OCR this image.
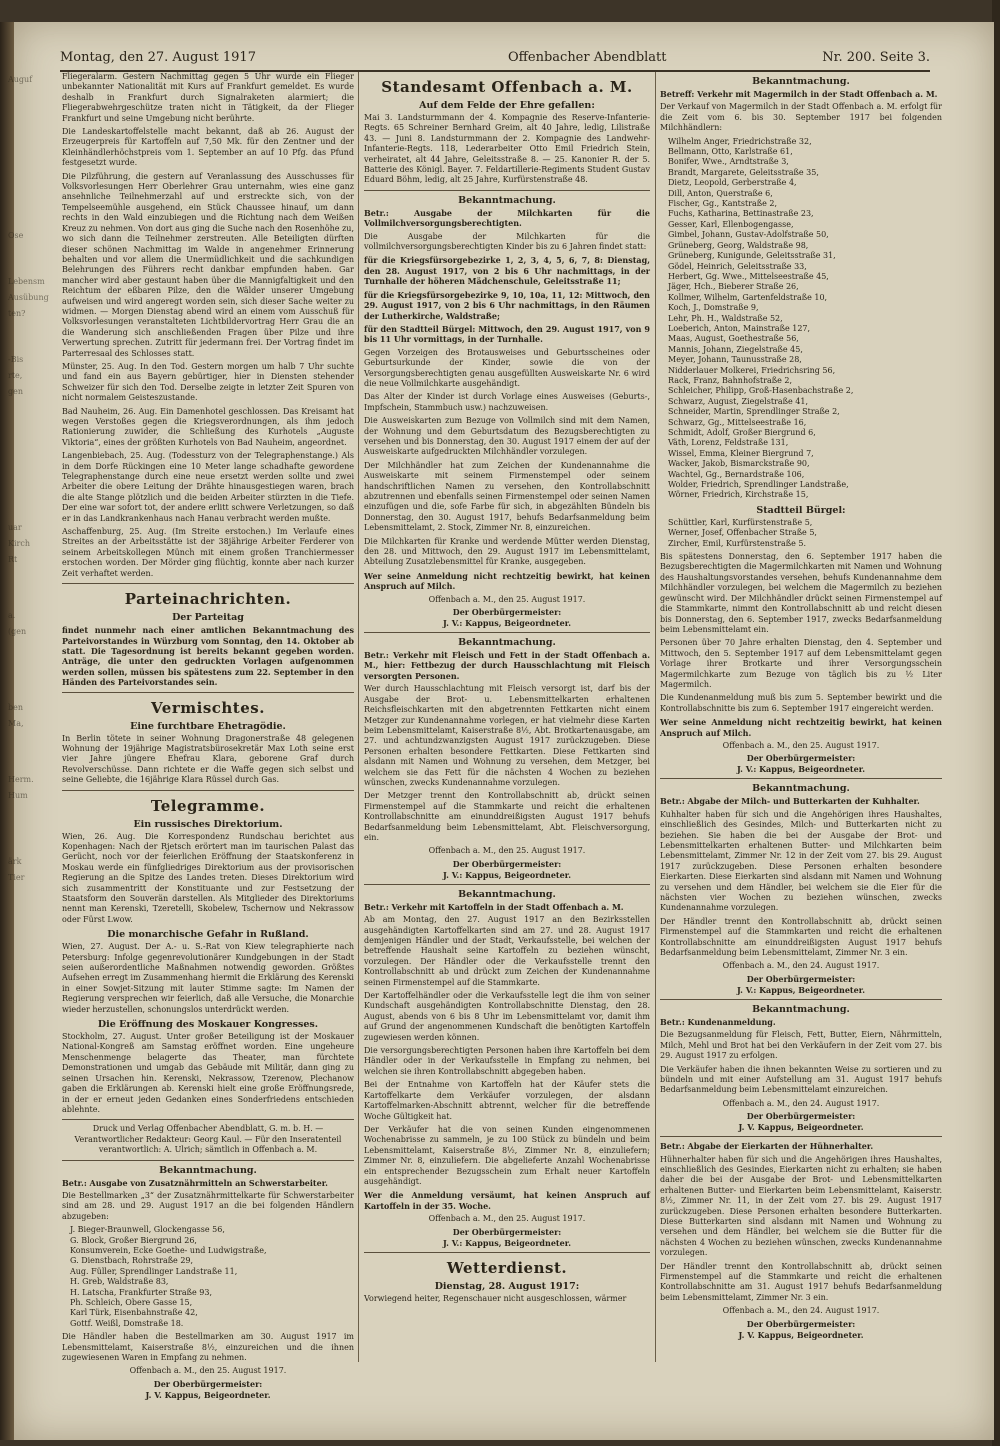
Montag, den 27. August 1917	Offenbacher Abendblatt	Nr. 200. Seite 3.
Auguf
Ose
Lebensm
Ausübung
ten?
-Bis
rte,
gen
uar
Kirch
Rt
a.
(gen
ben
Ma,
Herm.
Hum
ärk
Tier

Fliegeralarm. Gestern Nachmittag gegen 5 Uhr wurde ein Flieger unbekannter Nationalität mit Kurs auf Frankfurt gemeldet. Es wurde deshalb in Frankfurt durch Signalraketen alarmiert; die Fliegerabwehrgeschütze traten nicht in Tätigkeit, da der Flieger Frankfurt und seine Umgebung nicht berührte.

Die Landeskartoffelstelle macht bekannt, daß ab 26. August der Erzeugerpreis für Kartoffeln auf 7,50 Mk. für den Zentner und der Kleinhändlerhöchstpreis vom 1. September an auf 10 Pfg. das Pfund festgesetzt wurde.

Die Pilzführung, die gestern auf Veranlassung des Ausschusses für Volksvorlesungen Herr Oberlehrer Grau unternahm, wies eine ganz ansehnliche Teilnehmerzahl auf und erstreckte sich, von der Tempelseemühle ausgehend, ein Stück Chaussee hinauf, um dann rechts in den Wald einzubiegen und die Richtung nach dem Weißen Kreuz zu nehmen. Von dort aus ging die Suche nach den Rosenhöhe zu, wo sich dann die Teilnehmer zerstreuten. Alle Beteiligten dürften dieser schönen Nachmittag im Walde in angenehmer Erinnerung behalten und vor allem die Unermüdlichkeit und die sachkundigen Belehrungen des Führers recht dankbar empfunden haben. Gar mancher wird aber gestaunt haben über die Mannigfaltigkeit und den Reichtum der eßbaren Pilze, den die Wälder unserer Umgebung aufweisen und wird angeregt worden sein, sich dieser Sache weiter zu widmen. — Morgen Dienstag abend wird an einem vom Ausschuß für Volksvorlesungen veranstalteten Lichtbildervortrag Herr Grau die an die Wanderung sich anschließenden Fragen über Pilze und ihre Verwertung sprechen. Zutritt für jedermann frei. Der Vortrag findet im Parterresaal des Schlosses statt.

Münster, 25. Aug. In den Tod. Gestern morgen um halb 7 Uhr suchte und fand ein aus Bayern gebürtiger, hier in Diensten stehender Schweizer für sich den Tod. Derselbe zeigte in letzter Zeit Spuren von nicht normalem Geisteszustande.

Bad Nauheim, 26. Aug. Ein Damenhotel geschlossen. Das Kreisamt hat wegen Verstoßes gegen die Kriegsverordnungen, als ihm jedoch Rationierung zuwider, die Schließung des Kurhotels „Auguste Viktoria“, eines der größten Kurhotels von Bad Nauheim, angeordnet.

Langenbiebach, 25. Aug. (Todessturz von der Telegraphenstange.) Als in dem Dorfe Rückingen eine 10 Meter lange schadhafte gewordene Telegraphenstange durch eine neue ersetzt werden sollte und zwei Arbeiter die obere Leitung der Drähte hinausgestiegen waren, brach die alte Stange plötzlich und die beiden Arbeiter stürzten in die Tiefe. Der eine war sofort tot, der andere erlitt schwere Verletzungen, so daß er in das Landkrankenhaus nach Hanau verbracht werden mußte.

Aschaffenburg, 25. Aug. (Im Streite erstochen.) Im Verlaufe eines Streites an der Arbeitsstätte ist der 38jährige Arbeiter Ferderer von seinem Arbeitskollegen Münch mit einem großen Tranchiermesser erstochen worden. Der Mörder ging flüchtig, konnte aber nach kurzer Zeit verhaftet werden.

Parteinachrichten.
Der Parteitag

findet nunmehr nach einer amtlichen Bekanntmachung des Parteivorstandes in Würzburg vom Sonntag, den 14. Oktober ab statt. Die Tagesordnung ist bereits bekannt gegeben worden. Anträge, die unter den gedruckten Vorlagen aufgenommen werden sollen, müssen bis spätestens zum 22. September in den Händen des Parteivorstandes sein.

Vermischtes.
Eine furchtbare Ehetragödie.

In Berlin tötete in seiner Wohnung Dragonerstraße 48 gelegenen Wohnung der 19jährige Magistratsbürosekretär Max Loth seine erst vier Jahre jüngere Ehefrau Klara, geborene Graf durch Revolverschüsse. Dann richtete er die Waffe gegen sich selbst und seine Geliebte, die 16jährige Klara Rüssel durch Gas.

Telegramme.
Ein russisches Direktorium.

Wien, 26. Aug. Die Korrespondenz Rundschau berichtet aus Kopenhagen: Nach der Rjetsch erörtert man im taurischen Palast das Gerücht, noch vor der feierlichen Eröffnung der Staatskonferenz in Moskau werde ein fünfgliedriges Direktorium aus der provisorischen Regierung an die Spitze des Landes treten. Dieses Direktorium wird sich zusammentritt der Konstituante und zur Festsetzung der Staatsform den Souverän darstellen. Als Mitglieder des Direktoriums nennt man Kerenski, Tzeretelli, Skobelew, Tschernow und Nekrassow oder Fürst Lwow.

Die monarchische Gefahr in Rußland.

Wien, 27. August. Der A.- u. S.-Rat von Kiew telegraphierte nach Petersburg: Infolge gegenrevolutionärer Kundgebungen in der Stadt seien außerordentliche Maßnahmen notwendig geworden. Größtes Aufsehen erregt im Zusammenhang hiermit die Erklärung des Kerenski in einer Sowjet-Sitzung mit lauter Stimme sagte: Im Namen der Regierung versprechen wir feierlich, daß alle Versuche, die Monarchie wieder herzustellen, schonungslos unterdrückt werden.

Die Eröffnung des Moskauer Kongresses.

Stockholm, 27. August. Unter großer Beteiligung ist der Moskauer National-Kongreß am Samstag eröffnet worden. Eine ungeheure Menschenmenge belagerte das Theater, man fürchtete Demonstrationen und umgab das Gebäude mit Militär, dann ging zu seinen Ursachen hin. Kerenski, Nekrassow, Tzerenow, Plechanow gaben die Erklärungen ab. Kerenski hielt eine große Eröffnungsrede, in der er erneut jeden Gedanken eines Sonderfriedens entschieden ablehnte.

Druck und Verlag Offenbacher Abendblatt, G. m. b. H. — Verantwortlicher Redakteur: Georg Kaul. — Für den Inseratenteil verantwortlich: A. Ulrich; sämtlich in Offenbach a. M.

Bekanntmachung.

Betr.: Ausgabe von Zusatznährmitteln an Schwerstarbeiter.

Die Bestellmarken „3“ der Zusatznährmittelkarte für Schwerstarbeiter sind am 28. und 29. August 1917 an die bei folgenden Händlern abzugeben:

J. Bieger-Braunwell, Glockengasse 56,
G. Block, Großer Biergrund 26,
Konsumverein, Ecke Goethe- und Ludwigstraße,
G. Dienstbach, Rohrstraße 29,
Aug. Füller, Sprendlinger Landstraße 11,
H. Greb, Waldstraße 83,
H. Latscha, Frankfurter Straße 93,
Ph. Schleich, Obere Gasse 15,
Karl Türk, Eisenbahnstraße 42,
Gottf. Weißl, Domstraße 18.

Die Händler haben die Bestellmarken am 30. August 1917 im Lebensmittelamt, Kaiserstraße 8½, einzureichen und die ihnen zugewiesenen Waren in Empfang zu nehmen.

Offenbach a. M., den 25. August 1917.

Der Oberbürgermeister:
J. V. Kappus, Beigeordneter.
Standesamt Offenbach a. M.
Auf dem Felde der Ehre gefallen:

Mai 3. Landsturmmann der 4. Kompagnie des Reserve-Infanterie-Regts. 65 Schreiner Bernhard Greim, alt 40 Jahre, ledig, Lilistraße 43. — Juni 8. Landsturmmann der 2. Kompagnie des Landwehr-Infanterie-Regts. 118, Lederarbeiter Otto Emil Friedrich Stein, verheiratet, alt 44 Jahre, Geleitsstraße 8. — 25. Kanonier R. der 5. Batterie des Königl. Bayer. 7. Feldartillerie-Regiments Student Gustav Eduard Böhm, ledig, alt 25 Jahre, Kurfürstenstraße 48.

Bekanntmachung.

Betr.: Ausgabe der Milchkarten für die Vollmilchversorgungsberechtigten.

Die Ausgabe der Milchkarten für die vollmilchversorgungsberechtigten Kinder bis zu 6 Jahren findet statt:

für die Kriegsfürsorgebezirke 1, 2, 3, 4, 5, 6, 7, 8: Dienstag, den 28. August 1917, von 2 bis 6 Uhr nachmittags, in der Turnhalle der höheren Mädchenschule, Geleitsstraße 11;

für die Kriegsfürsorgebezirke 9, 10, 10a, 11, 12: Mittwoch, den 29. August 1917, von 2 bis 6 Uhr nachmittags, in den Räumen der Lutherkirche, Waldstraße;

für den Stadtteil Bürgel: Mittwoch, den 29. August 1917, von 9 bis 11 Uhr vormittags, in der Turnhalle.

Gegen Vorzeigen des Brotausweises und Geburtsscheines oder Geburtsurkunde der Kinder, sowie die von der Versorgungsberechtigten genau ausgefüllten Ausweiskarte Nr. 6 wird die neue Vollmilchkarte ausgehändigt.

Das Alter der Kinder ist durch Vorlage eines Ausweises (Geburts-, Impfschein, Stammbuch usw.) nachzuweisen.

Die Ausweiskarten zum Bezuge von Vollmilch sind mit dem Namen, der Wohnung und dem Geburtsdatum des Bezugsberechtigten zu versehen und bis Donnerstag, den 30. August 1917 einem der auf der Ausweiskarte aufgedruckten Milchhändler vorzulegen.

Der Milchhändler hat zum Zeichen der Kundenannahme die Ausweiskarte mit seinem Firmenstempel oder seinem handschriftlichen Namen zu versehen, den Kontrollabschnitt abzutrennen und ebenfalls seinen Firmenstempel oder seinen Namen einzufügen und die, sofe Farbe für sich, in abgezählten Bündeln bis Donnerstag, den 30. August 1917, behufs Bedarfsanmeldung beim Lebensmittelamt, 2. Stock, Zimmer Nr. 8, einzureichen.

Die Milchkarten für Kranke und werdende Mütter werden Dienstag, den 28. und Mittwoch, den 29. August 1917 im Lebensmittelamt, Abteilung Zusatzlebensmittel für Kranke, ausgegeben.

Wer seine Anmeldung nicht rechtzeitig bewirkt, hat keinen Anspruch auf Milch.

Offenbach a. M., den 25. August 1917.

Der Oberbürgermeister:
J. V.: Kappus, Beigeordneter.
Bekanntmachung.

Betr.: Verkehr mit Fleisch und Fett in der Stadt Offenbach a. M., hier: Fettbezug der durch Hausschlachtung mit Fleisch versorgten Personen.

Wer durch Hausschlachtung mit Fleisch versorgt ist, darf bis der Ausgabe der Brot- u. Lebensmittelkarten erhaltenen Reichsfleischkarten mit den abgetrennten Fettkarten nicht einem Metzger zur Kundenannahme vorlegen, er hat vielmehr diese Karten beim Lebensmittelamt, Kaiserstraße 8½, Abt. Brotkartenausgabe, am 27. und achtundzwanzigsten August 1917 zurückzugeben. Diese Personen erhalten besondere Fettkarten. Diese Fettkarten sind alsdann mit Namen und Wohnung zu versehen, dem Metzger, bei welchem sie das Fett für die nächsten 4 Wochen zu beziehen wünschen, zwecks Kundenannahme vorzulegen.

Der Metzger trennt den Kontrollabschnitt ab, drückt seinen Firmenstempel auf die Stammkarte und reicht die erhaltenen Kontrollabschnitte am einunddreißigsten August 1917 behufs Bedarfsanmeldung beim Lebensmittelamt, Abt. Fleischversorgung, ein.

Offenbach a. M., den 25. August 1917.

Der Oberbürgermeister:
J. V.: Kappus, Beigeordneter.
Bekanntmachung.

Betr.: Verkehr mit Kartoffeln in der Stadt Offenbach a. M.

Ab am Montag, den 27. August 1917 an den Bezirksstellen ausgehändigten Kartoffelkarten sind am 27. und 28. August 1917 demjenigen Händler und der Stadt, Verkaufsstelle, bei welchen der betreffende Haushalt seine Kartoffeln zu beziehen wünscht, vorzulegen. Der Händler oder die Verkaufsstelle trennt den Kontrollabschnitt ab und drückt zum Zeichen der Kundenannahme seinen Firmenstempel auf die Stammkarte.

Der Kartoffelhändler oder die Verkaufsstelle legt die ihm von seiner Kundschaft ausgehändigten Kontrollabschnitte Dienstag, den 28. August, abends von 6 bis 8 Uhr im Lebensmittelamt vor, damit ihm auf Grund der angenommenen Kundschaft die benötigten Kartoffeln zugewiesen werden können.

Die versorgungsberechtigten Personen haben ihre Kartoffeln bei dem Händler oder in der Verkaufsstelle in Empfang zu nehmen, bei welchen sie ihren Kontrollabschnitt abgegeben haben.

Bei der Entnahme von Kartoffeln hat der Käufer stets die Kartoffelkarte dem Verkäufer vorzulegen, der alsdann Kartoffelmarken-Abschnitt abtrennt, welcher für die betreffende Woche Gültigkeit hat.

Der Verkäufer hat die von seinen Kunden eingenommenen Wochenabrisse zu sammeln, je zu 100 Stück zu bündeln und beim Lebensmittelamt, Kaiserstraße 8½, Zimmer Nr. 8, einzuliefern; Zimmer Nr. 8, einzuliefern. Die abgelieferte Anzahl Wochenabrisse ein entsprechender Bezugsschein zum Erhalt neuer Kartoffeln ausgehändigt.

Wer die Anmeldung versäumt, hat keinen Anspruch auf Kartoffeln in der 35. Woche.

Offenbach a. M., den 25. August 1917.

Der Oberbürgermeister:
J. V.: Kappus, Beigeordneter.
Wetterdienst.
Dienstag, 28. August 1917:

Vorwiegend heiter, Regenschauer nicht ausgeschlossen, wärmer

Bekanntmachung.

Betreff: Verkehr mit Magermilch in der Stadt Offenbach a. M.

Der Verkauf von Magermilch in der Stadt Offenbach a. M. erfolgt für die Zeit vom 6. bis 30. September 1917 bei folgenden Milchhändlern:

Wilhelm Anger, Friedrichstraße 32,
Bellmann, Otto, Karlstraße 61,
Bonifer, Wwe., Arndtstraße 3,
Brandt, Margarete, Geleitsstraße 35,
Dietz, Leopold, Gerberstraße 4,
Dill, Anton, Querstraße 6,
Fischer, Gg., Kantstraße 2,
Fuchs, Katharina, Bettinastraße 23,
Gesser, Karl, Ellenbogengasse,
Gimbel, Johann, Gustav-Adolfstraße 50,
Grüneberg, Georg, Waldstraße 98,
Grüneberg, Kunigunde, Geleitsstraße 31,
Gödel, Heinrich, Geleitsstraße 33,
Herbert, Gg. Wwe., Mittelseestraße 45,
Jäger, Hch., Bieberer Straße 26,
Kollmer, Wilhelm, Gartenfeldstraße 10,
Koch, J., Domstraße 9,
Lehr, Ph. H., Waldstraße 52,
Loeberich, Anton, Mainstraße 127,
Maas, August, Goethestraße 56,
Mannis, Johann, Ziegelstraße 45,
Meyer, Johann, Taunusstraße 28,
Nidderlauer Molkerei, Friedrichsring 56,
Rack, Franz, Bahnhofstraße 2,
Schleicher, Philipp, Groß-Hasenbachstraße 2,
Schwarz, August, Ziegelstraße 41,
Schneider, Martin, Sprendlinger Straße 2,
Schwarz, Gg., Mittelseestraße 16,
Schmidt, Adolf, Großer Biergrund 6,
Väth, Lorenz, Feldstraße 131,
Wissel, Emma, Kleiner Biergrund 7,
Wacker, Jakob, Bismarckstraße 90,
Wachtel, Gg., Bernardstraße 106,
Wolder, Friedrich, Sprendlinger Landstraße,
Wörner, Friedrich, Kirchstraße 15,
Stadtteil Bürgel:
Schüttler, Karl, Kurfürstenstraße 5,
Werner, Josef, Offenbacher Straße 5,
Zircher, Emil, Kurfürstenstraße 5.

Bis spätestens Donnerstag, den 6. September 1917 haben die Bezugsberechtigten die Magermilchkarten mit Namen und Wohnung des Haushaltungsvorstandes versehen, behufs Kundenannahme dem Milchhändler vorzulegen, bei welchem die Magermilch zu beziehen gewünscht wird. Der Milchhändler drückt seinen Firmenstempel auf die Stammkarte, nimmt den Kontrollabschnitt ab und reicht diesen bis Donnerstag, den 6. September 1917, zwecks Bedarfsanmeldung beim Lebensmittelamt ein.

Personen über 70 Jahre erhalten Dienstag, den 4. September und Mittwoch, den 5. September 1917 auf dem Lebensmittelamt gegen Vorlage ihrer Brotkarte und ihrer Versorgungsschein Magermilchkarte zum Bezuge von täglich bis zu ½ Liter Magermilch.

Die Kundenanmeldung muß bis zum 5. September bewirkt und die Kontrollabschnitte bis zum 6. September 1917 eingereicht werden.

Wer seine Anmeldung nicht rechtzeitig bewirkt, hat keinen Anspruch auf Milch.

Offenbach a. M., den 25. August 1917.

Der Oberbürgermeister:
J. V.: Kappus, Beigeordneter.
Bekanntmachung.

Betr.: Abgabe der Milch- und Butterkarten der Kuhhalter.

Kuhhalter haben für sich und die Angehörigen ihres Haushaltes, einschließlich des Gesindes, Milch- und Butterkarten nicht zu beziehen. Sie haben die bei der Ausgabe der Brot- und Lebensmittelkarten erhaltenen Butter- und Milchkarten beim Lebensmittelamt, Zimmer Nr. 12 in der Zeit vom 27. bis 29. August 1917 zurückzugeben. Diese Personen erhalten besondere Eierkarten. Diese Eierkarten sind alsdann mit Namen und Wohnung zu versehen und dem Händler, bei welchem sie die Eier für die nächsten vier Wochen zu beziehen wünschen, zwecks Kundenannahme vorzulegen.

Der Händler trennt den Kontrollabschnitt ab, drückt seinen Firmenstempel auf die Stammkarten und reicht die erhaltenen Kontrollabschnitte am einunddreißigsten August 1917 behufs Bedarfsanmeldung beim Lebensmittelamt, Zimmer Nr. 3 ein.

Offenbach a. M., den 24. August 1917.

Der Oberbürgermeister:
J. V.: Kappus, Beigeordneter.
Bekanntmachung.

Betr.: Kundenanmeldung.

Die Bezugsanmeldung für Fleisch, Fett, Butter, Eiern, Nährmitteln, Milch, Mehl und Brot hat bei den Verkäufern in der Zeit vom 27. bis 29. August 1917 zu erfolgen.

Die Verkäufer haben die ihnen bekannten Weise zu sortieren und zu bündeln und mit einer Aufstellung am 31. August 1917 behufs Bedarfsanmeldung beim Lebensmittelamt einzureichen.

Offenbach a. M., den 24. August 1917.

Der Oberbürgermeister:
J. V. Kappus, Beigeordneter.

Betr.: Abgabe der Eierkarten der Hühnerhalter.

Hühnerhalter haben für sich und die Angehörigen ihres Haushaltes, einschließlich des Gesindes, Eierkarten nicht zu erhalten; sie haben daher die bei der Ausgabe der Brot- und Lebensmittelkarten erhaltenen Butter- und Eierkarten beim Lebensmittelamt, Kaiserstr. 8½, Zimmer Nr. 11, in der Zeit vom 27. bis 29. August 1917 zurückzugeben. Diese Personen erhalten besondere Butterkarten. Diese Butterkarten sind alsdann mit Namen und Wohnung zu versehen und dem Händler, bei welchem sie die Butter für die nächsten 4 Wochen zu beziehen wünschen, zwecks Kundenannahme vorzulegen.

Der Händler trennt den Kontrollabschnitt ab, drückt seinen Firmenstempel auf die Stammkarte und reicht die erhaltenen Kontrollabschnitte am 31. August 1917 behufs Bedarfsanmeldung beim Lebensmittelamt, Zimmer Nr. 3 ein.

Offenbach a. M., den 24. August 1917.

Der Oberbürgermeister:
J. V. Kappus, Beigeordneter.
